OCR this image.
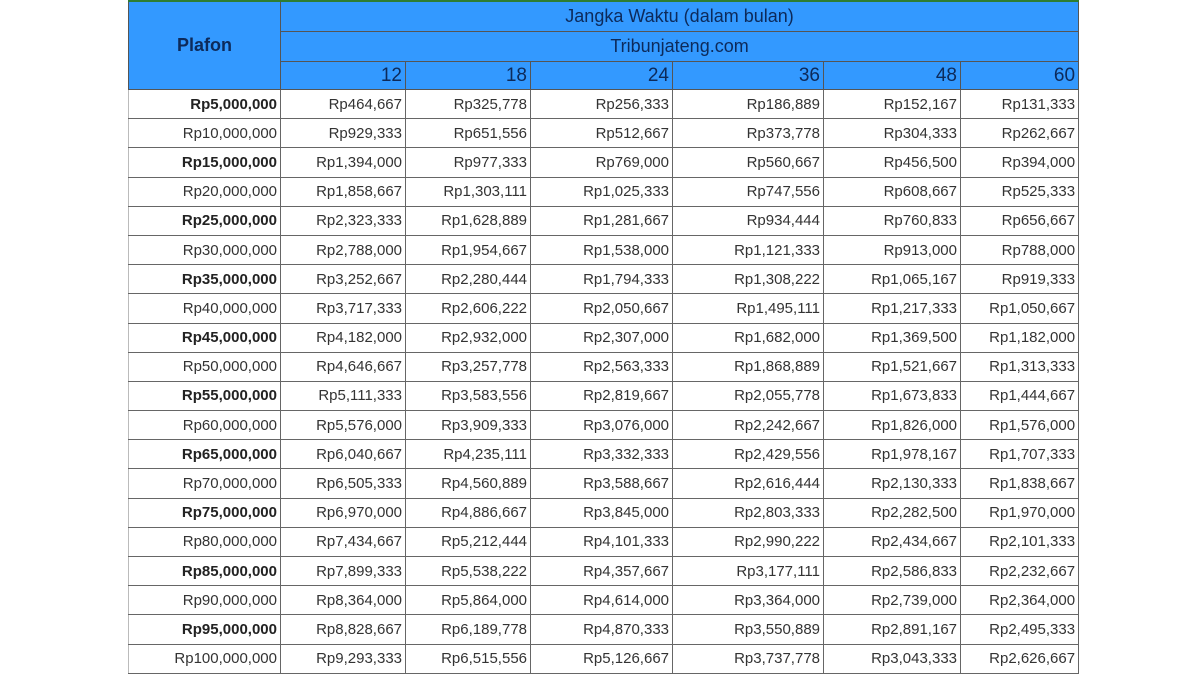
Plafon	Jangka Waktu (dalam bulan)					
	Tribunjateng.com					
	12	18	24	36	48	60
Rp5,000,000	Rp464,667	Rp325,778	Rp256,333	Rp186,889	Rp152,167	Rp131,333
Rp10,000,000	Rp929,333	Rp651,556	Rp512,667	Rp373,778	Rp304,333	Rp262,667
Rp15,000,000	Rp1,394,000	Rp977,333	Rp769,000	Rp560,667	Rp456,500	Rp394,000
Rp20,000,000	Rp1,858,667	Rp1,303,111	Rp1,025,333	Rp747,556	Rp608,667	Rp525,333
Rp25,000,000	Rp2,323,333	Rp1,628,889	Rp1,281,667	Rp934,444	Rp760,833	Rp656,667
Rp30,000,000	Rp2,788,000	Rp1,954,667	Rp1,538,000	Rp1,121,333	Rp913,000	Rp788,000
Rp35,000,000	Rp3,252,667	Rp2,280,444	Rp1,794,333	Rp1,308,222	Rp1,065,167	Rp919,333
Rp40,000,000	Rp3,717,333	Rp2,606,222	Rp2,050,667	Rp1,495,111	Rp1,217,333	Rp1,050,667
Rp45,000,000	Rp4,182,000	Rp2,932,000	Rp2,307,000	Rp1,682,000	Rp1,369,500	Rp1,182,000
Rp50,000,000	Rp4,646,667	Rp3,257,778	Rp2,563,333	Rp1,868,889	Rp1,521,667	Rp1,313,333
Rp55,000,000	Rp5,111,333	Rp3,583,556	Rp2,819,667	Rp2,055,778	Rp1,673,833	Rp1,444,667
Rp60,000,000	Rp5,576,000	Rp3,909,333	Rp3,076,000	Rp2,242,667	Rp1,826,000	Rp1,576,000
Rp65,000,000	Rp6,040,667	Rp4,235,111	Rp3,332,333	Rp2,429,556	Rp1,978,167	Rp1,707,333
Rp70,000,000	Rp6,505,333	Rp4,560,889	Rp3,588,667	Rp2,616,444	Rp2,130,333	Rp1,838,667
Rp75,000,000	Rp6,970,000	Rp4,886,667	Rp3,845,000	Rp2,803,333	Rp2,282,500	Rp1,970,000
Rp80,000,000	Rp7,434,667	Rp5,212,444	Rp4,101,333	Rp2,990,222	Rp2,434,667	Rp2,101,333
Rp85,000,000	Rp7,899,333	Rp5,538,222	Rp4,357,667	Rp3,177,111	Rp2,586,833	Rp2,232,667
Rp90,000,000	Rp8,364,000	Rp5,864,000	Rp4,614,000	Rp3,364,000	Rp2,739,000	Rp2,364,000
Rp95,000,000	Rp8,828,667	Rp6,189,778	Rp4,870,333	Rp3,550,889	Rp2,891,167	Rp2,495,333
Rp100,000,000	Rp9,293,333	Rp6,515,556	Rp5,126,667	Rp3,737,778	Rp3,043,333	Rp2,626,667
